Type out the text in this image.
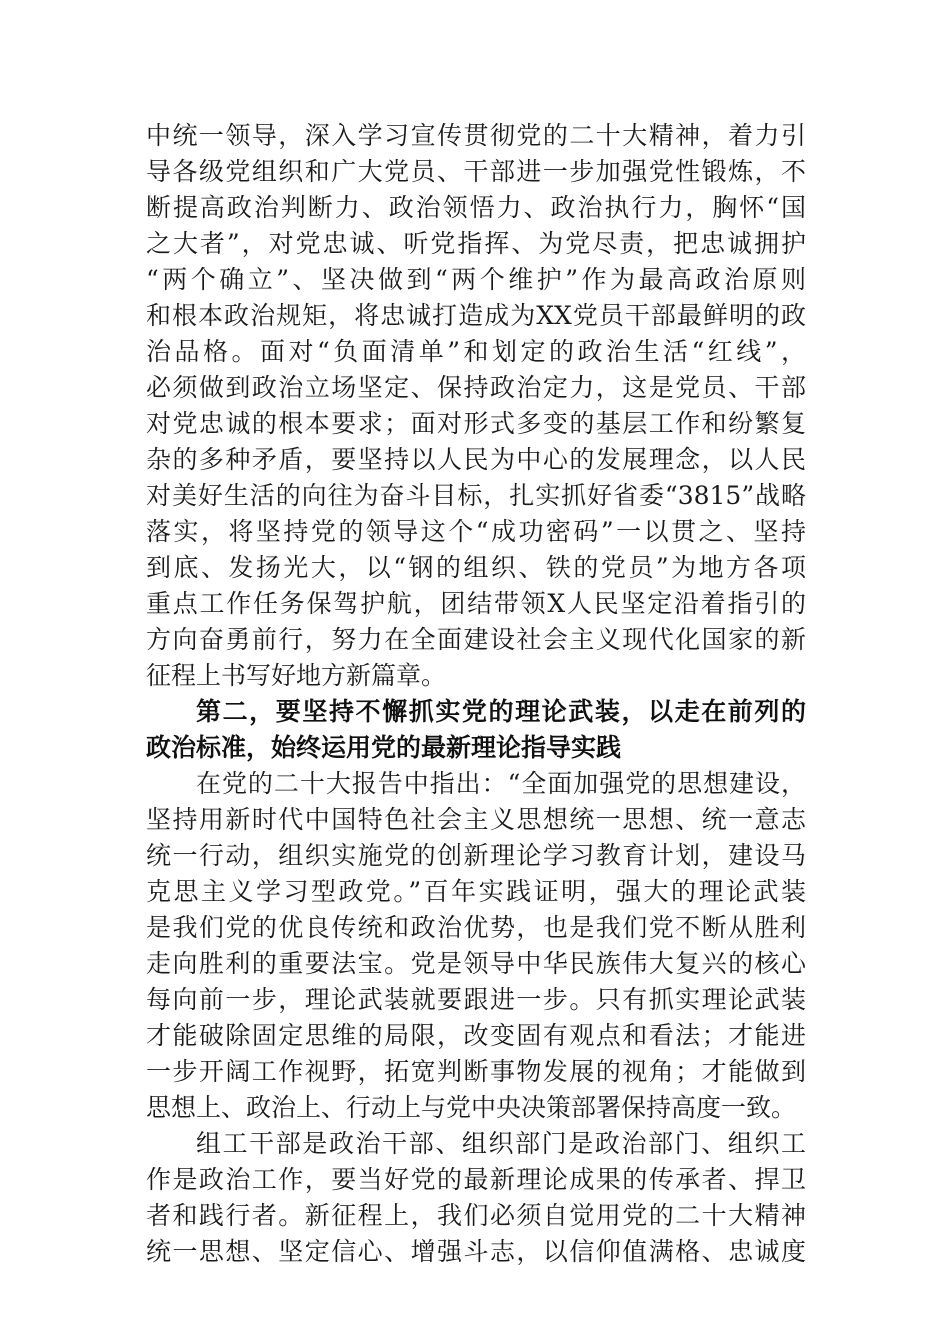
中统一领导，深入学习宣传贯彻党的二十大精神，着力引
导各级党组织和广大党员、干部进一步加强党性锻炼，不
断提高政治判断力、政治领悟力、政治执行力，胸怀“国
之大者”，对党忠诚、听党指挥、为党尽责，把忠诚拥护
“两个确立”、坚决做到“两个维护”作为最高政治原则
和根本政治规矩，将忠诚打造成为XX党员干部最鲜明的政
治品格。面对“负面清单”和划定的政治生活“红线”，
必须做到政治立场坚定、保持政治定力，这是党员、干部
对党忠诚的根本要求；面对形式多变的基层工作和纷繁复
杂的多种矛盾，要坚持以人民为中心的发展理念，以人民
对美好生活的向往为奋斗目标，扎实抓好省委“3815”战略
落实，将坚持党的领导这个“成功密码”一以贯之、坚持
到底、发扬光大，以“钢的组织、铁的党员”为地方各项
重点工作任务保驾护航，团结带领X人民坚定沿着指引的
方向奋勇前行，努力在全面建设社会主义现代化国家的新
征程上书写好地方新篇章。
第二，要坚持不懈抓实党的理论武装，以走在前列的
政治标准，始终运用党的最新理论指导实践
在党的二十大报告中指出：“全面加强党的思想建设，
坚持用新时代中国特色社会主义思想统一思想、统一意志
统一行动，组织实施党的创新理论学习教育计划，建设马
克思主义学习型政党。”百年实践证明，强大的理论武装
是我们党的优良传统和政治优势，也是我们党不断从胜利
走向胜利的重要法宝。党是领导中华民族伟大复兴的核心
每向前一步，理论武装就要跟进一步。只有抓实理论武装
才能破除固定思维的局限，改变固有观点和看法；才能进
一步开阔工作视野，拓宽判断事物发展的视角；才能做到
思想上、政治上、行动上与党中央决策部署保持高度一致。
组工干部是政治干部、组织部门是政治部门、组织工
作是政治工作，要当好党的最新理论成果的传承者、捍卫
者和践行者。新征程上，我们必须自觉用党的二十大精神
统一思想、坚定信心、增强斗志，以信仰值满格、忠诚度
